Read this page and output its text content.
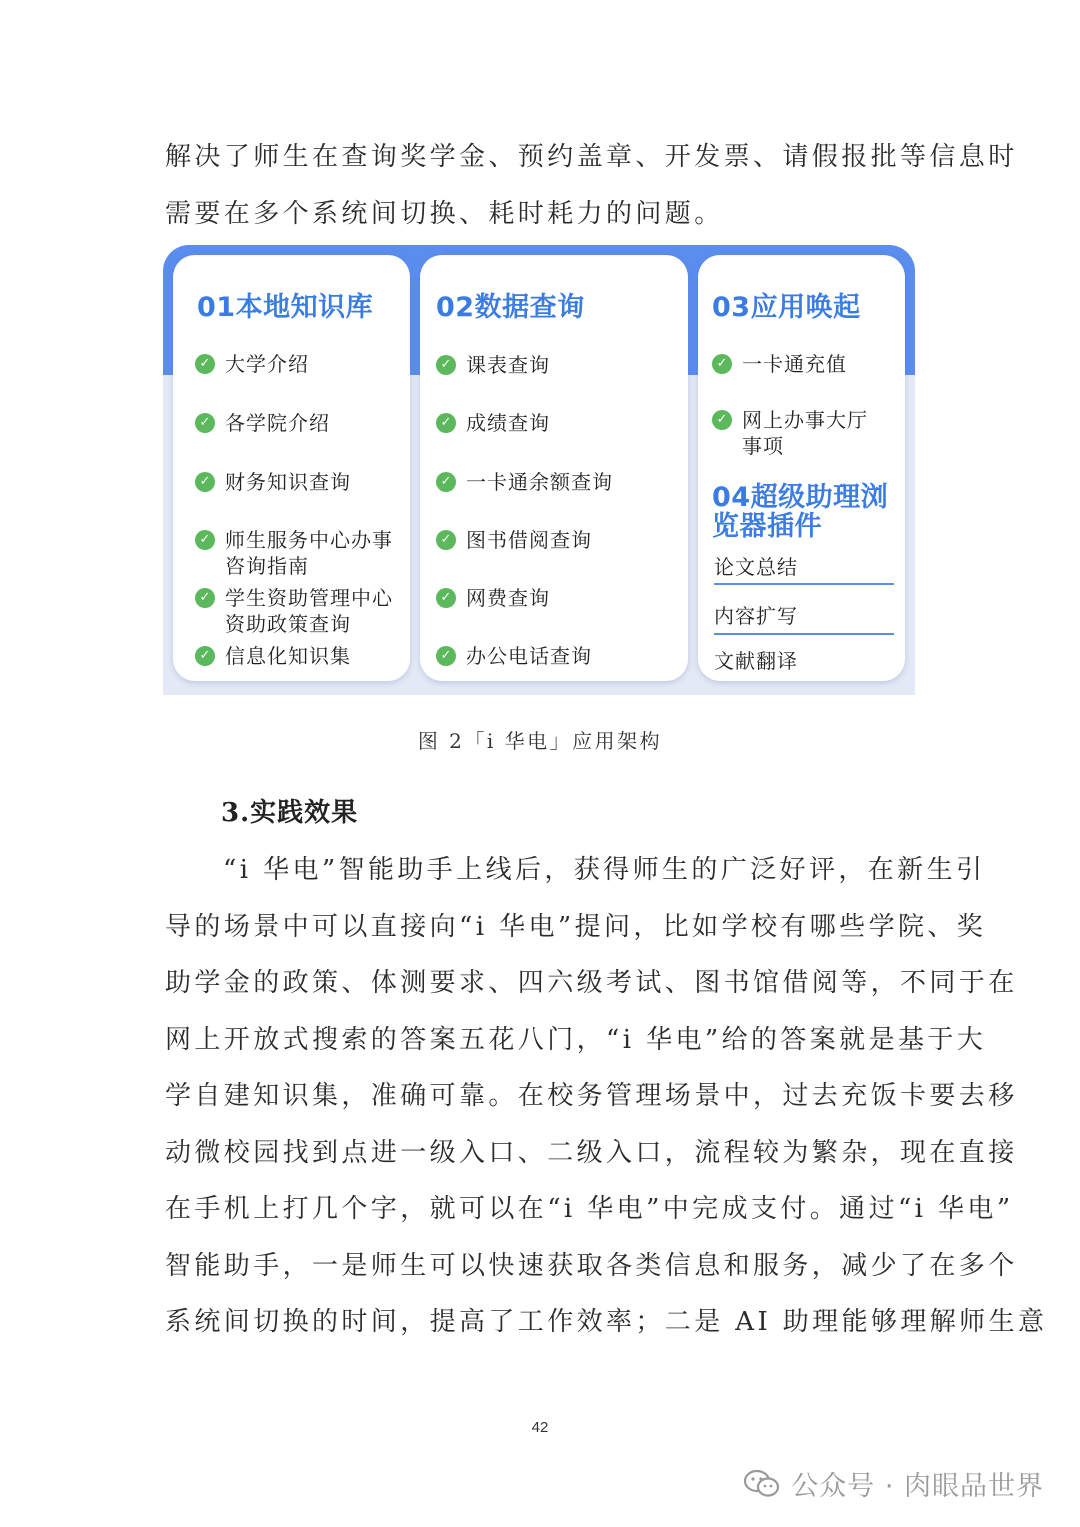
解决了师生在查询奖学金、预约盖章、开发票、请假报批等信息时
需要在多个系统间切换、耗时耗力的问题。
01本地知识库
✓ 大学介绍
✓ 各学院介绍
✓ 财务知识查询
✓ 师生服务中心办事咨询指南
✓ 学生资助管理中心资助政策查询
✓ 信息化知识集
02数据查询
✓ 课表查询
✓ 成绩查询
✓ 一卡通余额查询
✓ 图书借阅查询
✓ 网费查询
✓ 办公电话查询
03应用唤起
✓ 一卡通充值
✓ 网上办事大厅事项
04超级助理浏览器插件
论文总结
内容扩写
文献翻译
图 2「i 华电」应用架构
3.实践效果
“i 华电”智能助手上线后，获得师生的广泛好评，在新生引
导的场景中可以直接向“i 华电”提问，比如学校有哪些学院、奖
助学金的政策、体测要求、四六级考试、图书馆借阅等，不同于在
网上开放式搜索的答案五花八门，“i 华电”给的答案就是基于大
学自建知识集，准确可靠。在校务管理场景中，过去充饭卡要去移
动微校园找到点进一级入口、二级入口，流程较为繁杂，现在直接
在手机上打几个字，就可以在“i 华电”中完成支付。通过“i 华电”
智能助手，一是师生可以快速获取各类信息和服务，减少了在多个
系统间切换的时间，提高了工作效率；二是 AI 助理能够理解师生意
42
公众号 · 肉眼品世界
